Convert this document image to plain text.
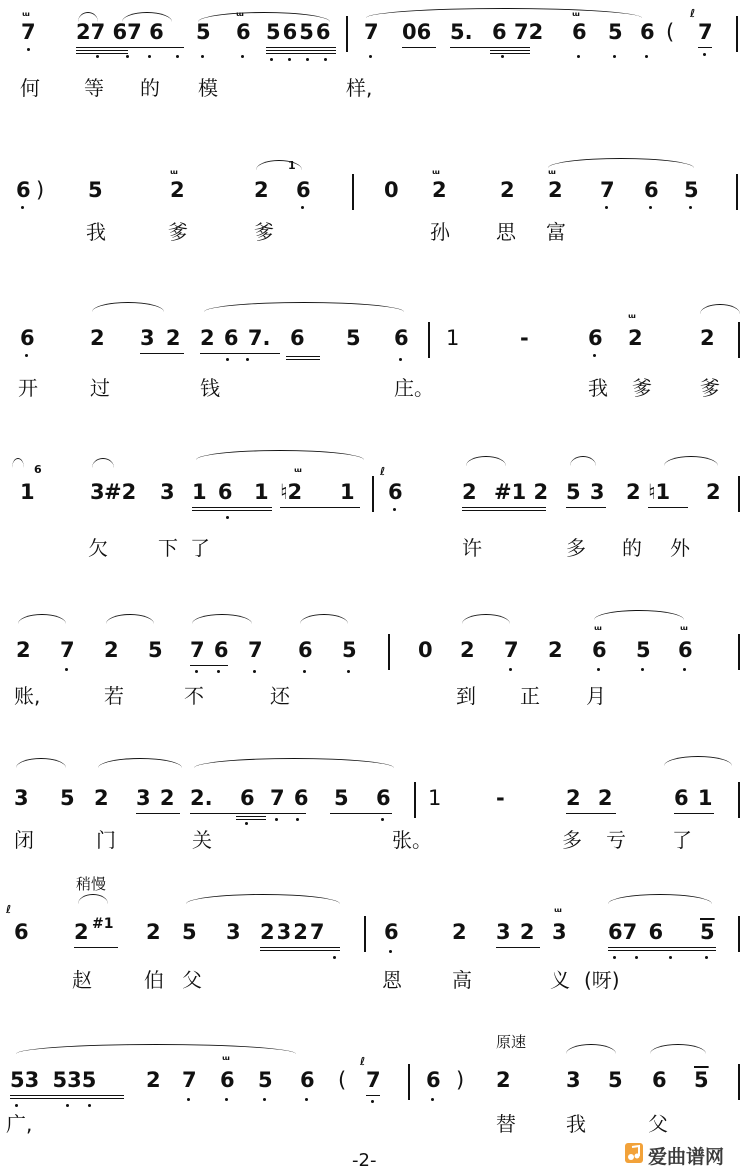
ᵚ
7 27 67 6 5
ᵚ
6 5656 7 06 5. 6 72
ᵚ
6 5 6 (
ℓ
7
何 等 的 模	样,
6 ) 5
ᵚ
2	2
1
6	0
ᵚ
2	2
ᵚ
2 7 6 5
我	爹	爹	孙 思 富
6	2 3 2 2 6 7. 6 5 6 1	-	6
ᵚ
2	2
开	过	钱	庄。	我 爹 爹
1
6
3 #2 3 1 6 1
ᵚ
♮2 1
ℓ
6	2 #1 2 5 3 2 ♮1 2
欠	下了	许	多 的 外
2 7 2 5 7 6 7 6 5	0 2 7 2
ᵚ
6 5
ᵚ
6
账,	若	不	还	到 正 月
3 5 2 3 2 2. 6 7 6 5 6 1	-	2 2	6 1
闭	门	关	张。	多 亏 了
稍慢
ℓ
6 2 #1 2 5 3 2327	6	2 3 2
ᵚ
3 67 6 5
赵	伯 父	恩	高	义 (呀)
原速
53 535 2 7
ᵚ
6 5 6 (
ℓ
7 6 ) 2	3 5 6 5
广,	替	我	父
-2-	爱曲谱网
